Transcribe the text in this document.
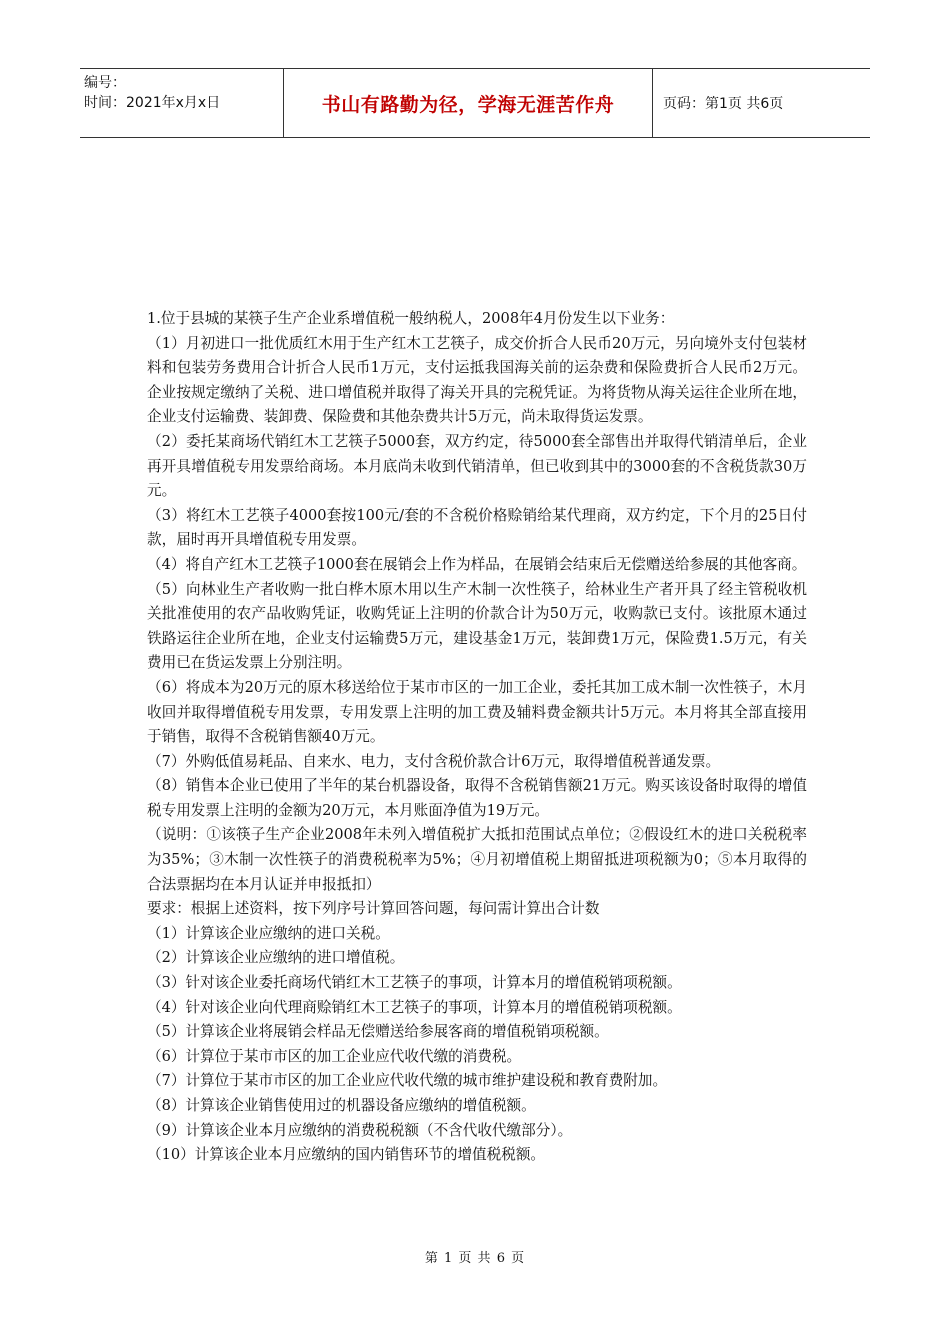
编号：
时间：2021年x月x日	书山有路勤为径，学海无涯苦作舟	页码：第1页 共6页

1.位于县城的某筷子生产企业系增值税一般纳税人，2008年4月份发生以下业务：

（1）月初进口一批优质红木用于生产红木工艺筷子，成交价折合人民币20万元，另向境外支付包装材料和包装劳务费用合计折合人民币1万元，支付运抵我国海关前的运杂费和保险费折合人民币2万元。企业按规定缴纳了关税、进口增值税并取得了海关开具的完税凭证。为将货物从海关运往企业所在地，企业支付运输费、装卸费、保险费和其他杂费共计5万元，尚未取得货运发票。

（2）委托某商场代销红木工艺筷子5000套，双方约定，待5000套全部售出并取得代销清单后，企业再开具增值税专用发票给商场。本月底尚未收到代销清单，但已收到其中的3000套的不含税货款30万元。

（3）将红木工艺筷子4000套按100元/套的不含税价格赊销给某代理商，双方约定，下个月的25日付款，届时再开具增值税专用发票。

（4）将自产红木工艺筷子1000套在展销会上作为样品，在展销会结束后无偿赠送给参展的其他客商。

（5）向林业生产者收购一批白桦木原木用以生产木制一次性筷子，给林业生产者开具了经主管税收机关批准使用的农产品收购凭证，收购凭证上注明的价款合计为50万元，收购款已支付。该批原木通过铁路运往企业所在地，企业支付运输费5万元，建设基金1万元，装卸费1万元，保险费1.5万元，有关费用已在货运发票上分别注明。

（6）将成本为20万元的原木移送给位于某市市区的一加工企业，委托其加工成木制一次性筷子，木月收回并取得增值税专用发票，专用发票上注明的加工费及辅料费金额共计5万元。本月将其全部直接用于销售，取得不含税销售额40万元。

（7）外购低值易耗品、自来水、电力，支付含税价款合计6万元，取得增值税普通发票。

（8）销售本企业已使用了半年的某台机器设备，取得不含税销售额21万元。购买该设备时取得的增值税专用发票上注明的金额为20万元，本月账面净值为19万元。

（说明：①该筷子生产企业2008年未列入增值税扩大抵扣范围试点单位；②假设红木的进口关税税率为35%；③木制一次性筷子的消费税税率为5%；④月初增值税上期留抵进项税额为0；⑤本月取得的合法票据均在本月认证并申报抵扣）

要求：根据上述资料，按下列序号计算回答问题，每问需计算出合计数

（1）计算该企业应缴纳的进口关税。

（2）计算该企业应缴纳的进口增值税。

（3）针对该企业委托商场代销红木工艺筷子的事项，计算本月的增值税销项税额。

（4）针对该企业向代理商赊销红木工艺筷子的事项，计算本月的增值税销项税额。

（5）计算该企业将展销会样品无偿赠送给参展客商的增值税销项税额。

（6）计算位于某市市区的加工企业应代收代缴的消费税。

（7）计算位于某市市区的加工企业应代收代缴的城市维护建设税和教育费附加。

（8）计算该企业销售使用过的机器设备应缴纳的增值税额。

（9）计算该企业本月应缴纳的消费税税额（不含代收代缴部分）。

（10）计算该企业本月应缴纳的国内销售环节的增值税税额。

第 1 页 共 6 页
